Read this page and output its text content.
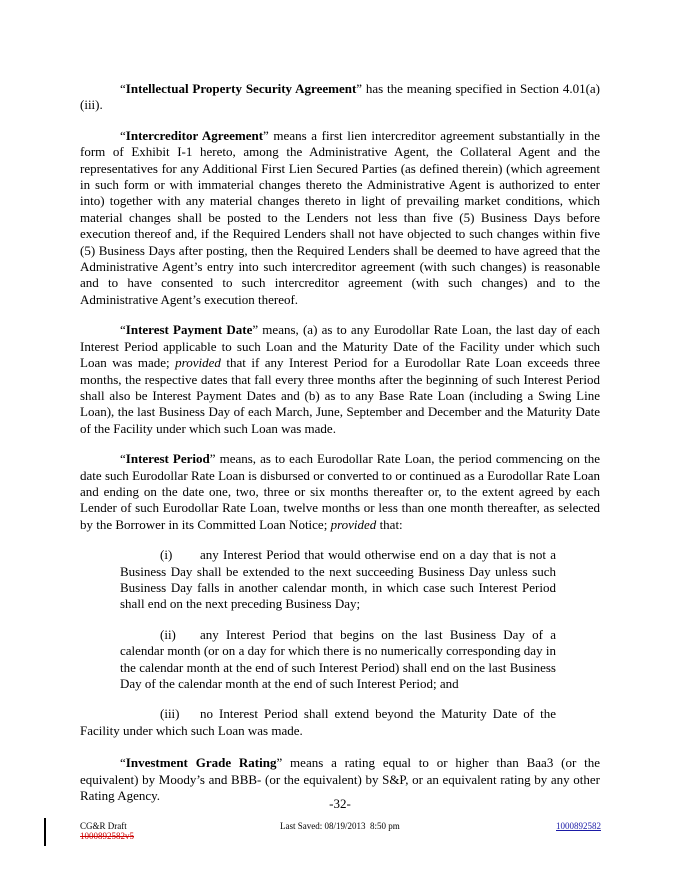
“Intellectual Property Security Agreement” has the meaning specified in Section 4.01(a)(iii).

“Intercreditor Agreement” means a first lien intercreditor agreement substantially in the form of Exhibit I-1 hereto, among the Administrative Agent, the Collateral Agent and the representatives for any Additional First Lien Secured Parties (as defined therein) (which agreement in such form or with immaterial changes thereto the Administrative Agent is authorized to enter into) together with any material changes thereto in light of prevailing market conditions, which material changes shall be posted to the Lenders not less than five (5) Business Days before execution thereof and, if the Required Lenders shall not have objected to such changes within five (5) Business Days after posting, then the Required Lenders shall be deemed to have agreed that the Administrative Agent’s entry into such intercreditor agreement (with such changes) is reasonable and to have consented to such intercreditor agreement (with such changes) and to the Administrative Agent’s execution thereof.

“Interest Payment Date” means, (a) as to any Eurodollar Rate Loan, the last day of each Interest Period applicable to such Loan and the Maturity Date of the Facility under which such Loan was made; provided that if any Interest Period for a Eurodollar Rate Loan exceeds three months, the respective dates that fall every three months after the beginning of such Interest Period shall also be Interest Payment Dates and (b) as to any Base Rate Loan (including a Swing Line Loan), the last Business Day of each March, June, September and December and the Maturity Date of the Facility under which such Loan was made.

“Interest Period” means, as to each Eurodollar Rate Loan, the period commencing on the date such Eurodollar Rate Loan is disbursed or converted to or continued as a Eurodollar Rate Loan and ending on the date one, two, three or six months thereafter or, to the extent agreed by each Lender of such Eurodollar Rate Loan, twelve months or less than one month thereafter, as selected by the Borrower in its Committed Loan Notice; provided that:

(i) any Interest Period that would otherwise end on a day that is not a Business Day shall be extended to the next succeeding Business Day unless such Business Day falls in another calendar month, in which case such Interest Period shall end on the next preceding Business Day;

(ii) any Interest Period that begins on the last Business Day of a calendar month (or on a day for which there is no numerically corresponding day in the calendar month at the end of such Interest Period) shall end on the last Business Day of the calendar month at the end of such Interest Period; and

(iii) no Interest Period shall extend beyond the Maturity Date of the Facility under which such Loan was made.

“Investment Grade Rating” means a rating equal to or higher than Baa3 (or the equivalent) by Moody’s and BBB- (or the equivalent) by S&P, or an equivalent rating by any other Rating Agency.

-32-
CG&R Draft
1000892582v5
Last Saved: 08/19/2013  8:50 pm	1000892582
